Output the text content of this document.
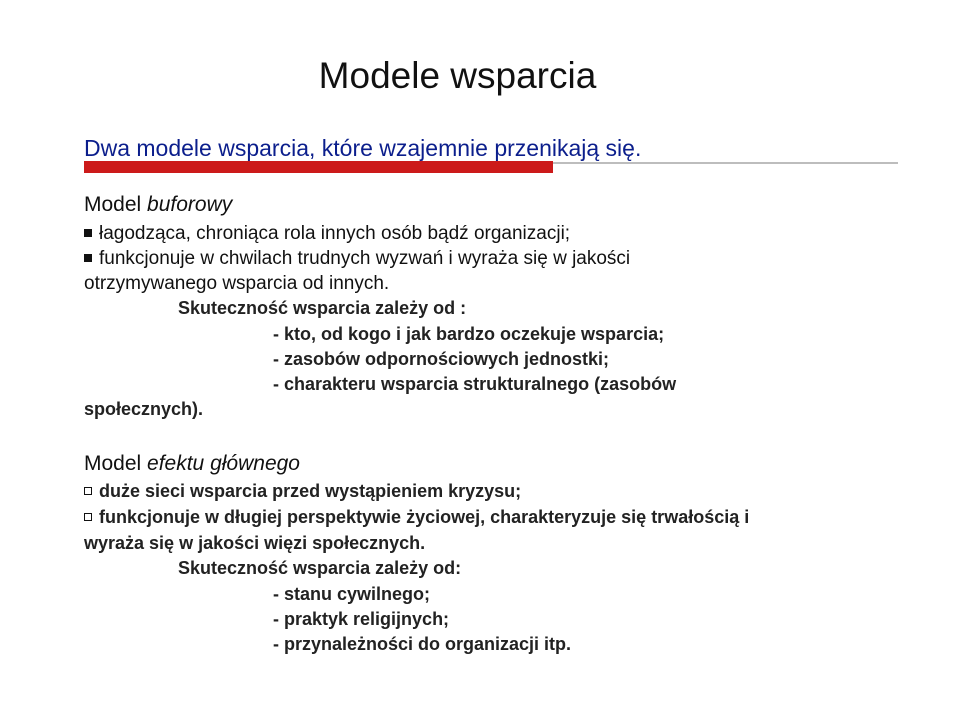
Modele wsparcia
Dwa modele wsparcia, które wzajemnie przenikają się.
Model buforowy
łagodząca, chroniąca rola innych osób bądź organizacji;
funkcjonuje w chwilach trudnych wyzwań i wyraża się w jakości
otrzymywanego wsparcia od innych.
Skuteczność wsparcia zależy od :
- kto, od kogo i jak bardzo oczekuje wsparcia;
- zasobów odpornościowych jednostki;
- charakteru wsparcia strukturalnego (zasobów
społecznych).
Model efektu głównego
duże sieci wsparcia przed wystąpieniem kryzysu;
funkcjonuje w długiej perspektywie życiowej, charakteryzuje się trwałością i
wyraża się w jakości więzi społecznych.
Skuteczność wsparcia zależy od:
- stanu cywilnego;
- praktyk religijnych;
- przynależności do organizacji itp.
